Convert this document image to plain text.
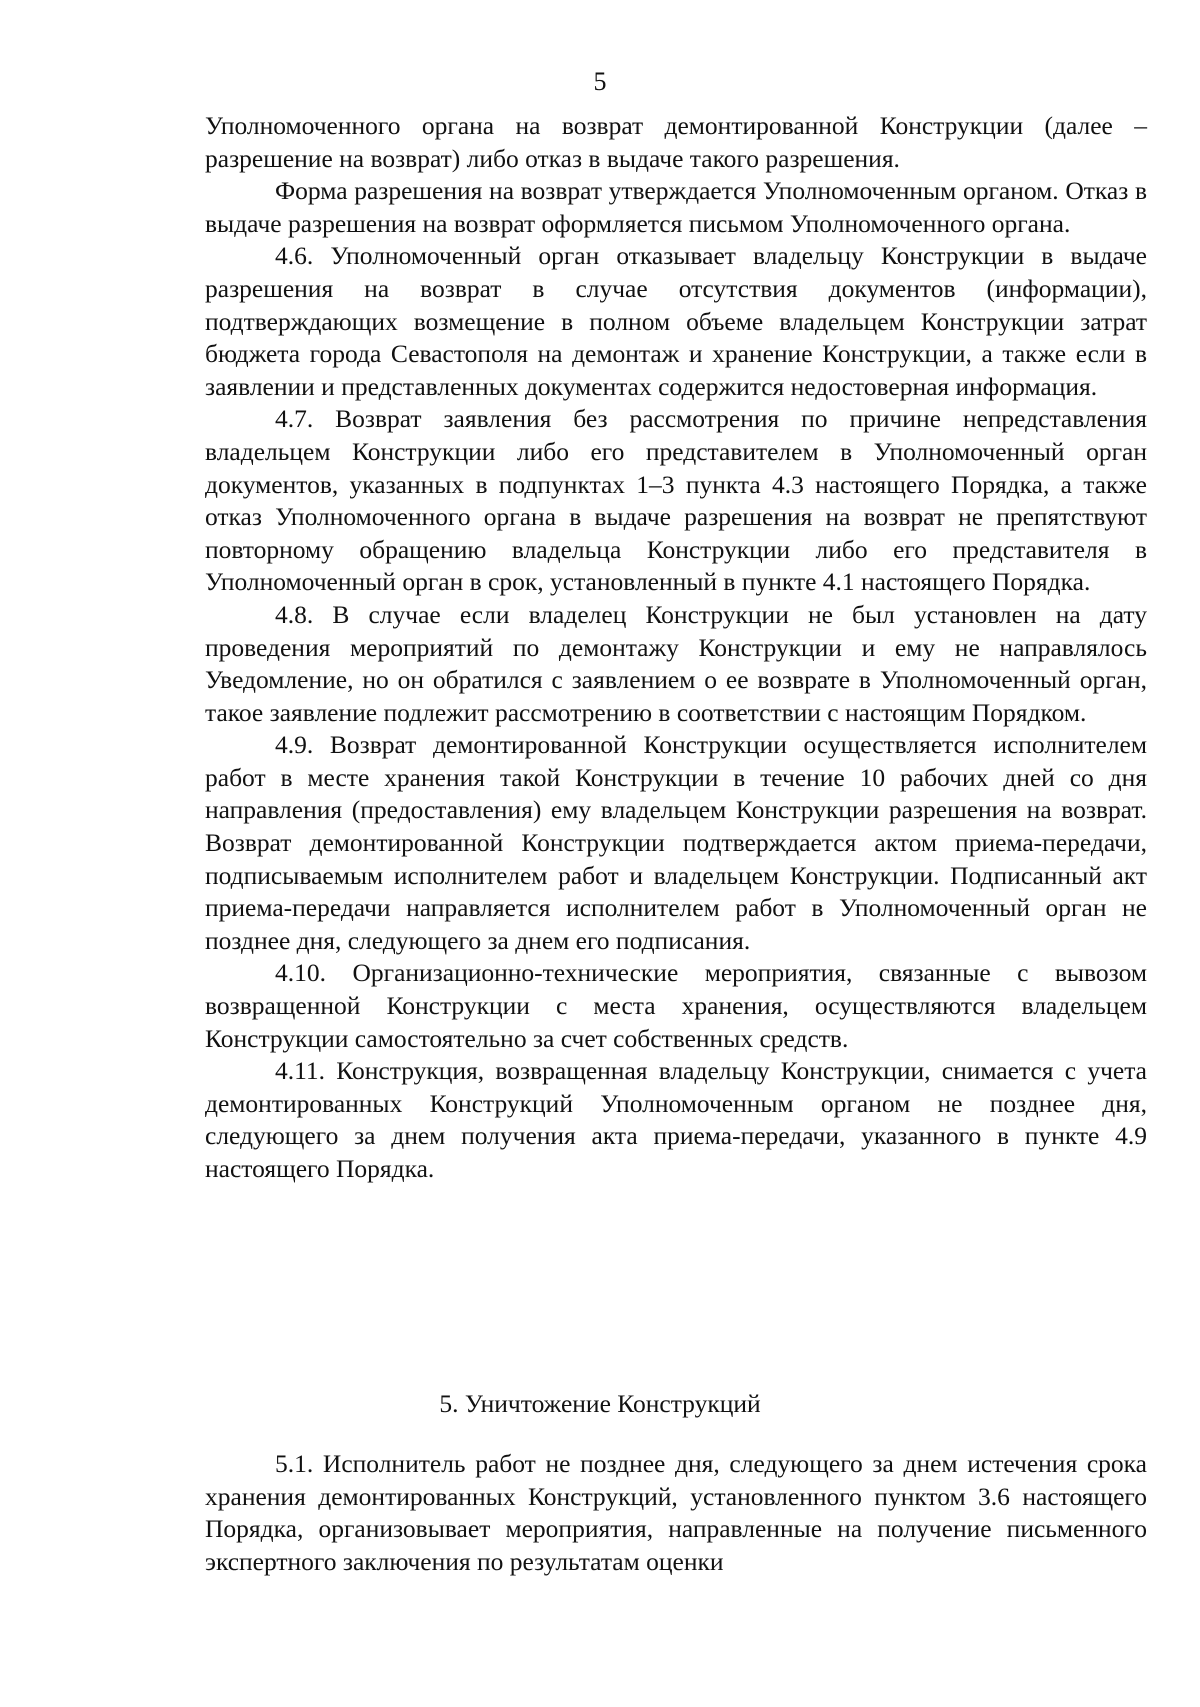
5

Уполномоченного органа на возврат демонтированной Конструкции (далее – разрешение на возврат) либо отказ в выдаче такого разрешения.

Форма разрешения на возврат утверждается Уполномоченным органом. Отказ в выдаче разрешения на возврат оформляется письмом Уполномоченного органа.

4.6. Уполномоченный орган отказывает владельцу Конструкции в выдаче разрешения на возврат в случае отсутствия документов (информации), подтверждающих возмещение в полном объеме владельцем Конструкции затрат бюджета города Севастополя на демонтаж и хранение Конструкции, а также если в заявлении и представленных документах содержится недостоверная информация.

4.7. Возврат заявления без рассмотрения по причине непредставления владельцем Конструкции либо его представителем в Уполномоченный орган документов, указанных в подпунктах 1–3 пункта 4.3 настоящего Порядка, а также отказ Уполномоченного органа в выдаче разрешения на возврат не препятствуют повторному обращению владельца Конструкции либо его представителя в Уполномоченный орган в срок, установленный в пункте 4.1 настоящего Порядка.

4.8. В случае если владелец Конструкции не был установлен на дату проведения мероприятий по демонтажу Конструкции и ему не направлялось Уведомление, но он обратился с заявлением о ее возврате в Уполномоченный орган, такое заявление подлежит рассмотрению в соответствии с настоящим Порядком.

4.9. Возврат демонтированной Конструкции осуществляется исполнителем работ в месте хранения такой Конструкции в течение 10 рабочих дней со дня направления (предоставления) ему владельцем Конструкции разрешения на возврат. Возврат демонтированной Конструкции подтверждается актом приема-передачи, подписываемым исполнителем работ и владельцем Конструкции. Подписанный акт приема-передачи направляется исполнителем работ в Уполномоченный орган не позднее дня, следующего за днем его подписания.

4.10. Организационно-технические мероприятия, связанные с вывозом возвращенной Конструкции с места хранения, осуществляются владельцем Конструкции самостоятельно за счет собственных средств.

4.11. Конструкция, возвращенная владельцу Конструкции, снимается с учета демонтированных Конструкций Уполномоченным органом не позднее дня, следующего за днем получения акта приема-передачи, указанного в пункте 4.9 настоящего Порядка.

5. Уничтожение Конструкций

5.1. Исполнитель работ не позднее дня, следующего за днем истечения срока хранения демонтированных Конструкций, установленного пунктом 3.6 настоящего Порядка, организовывает мероприятия, направленные на получение письменного экспертного заключения по результатам оценки
